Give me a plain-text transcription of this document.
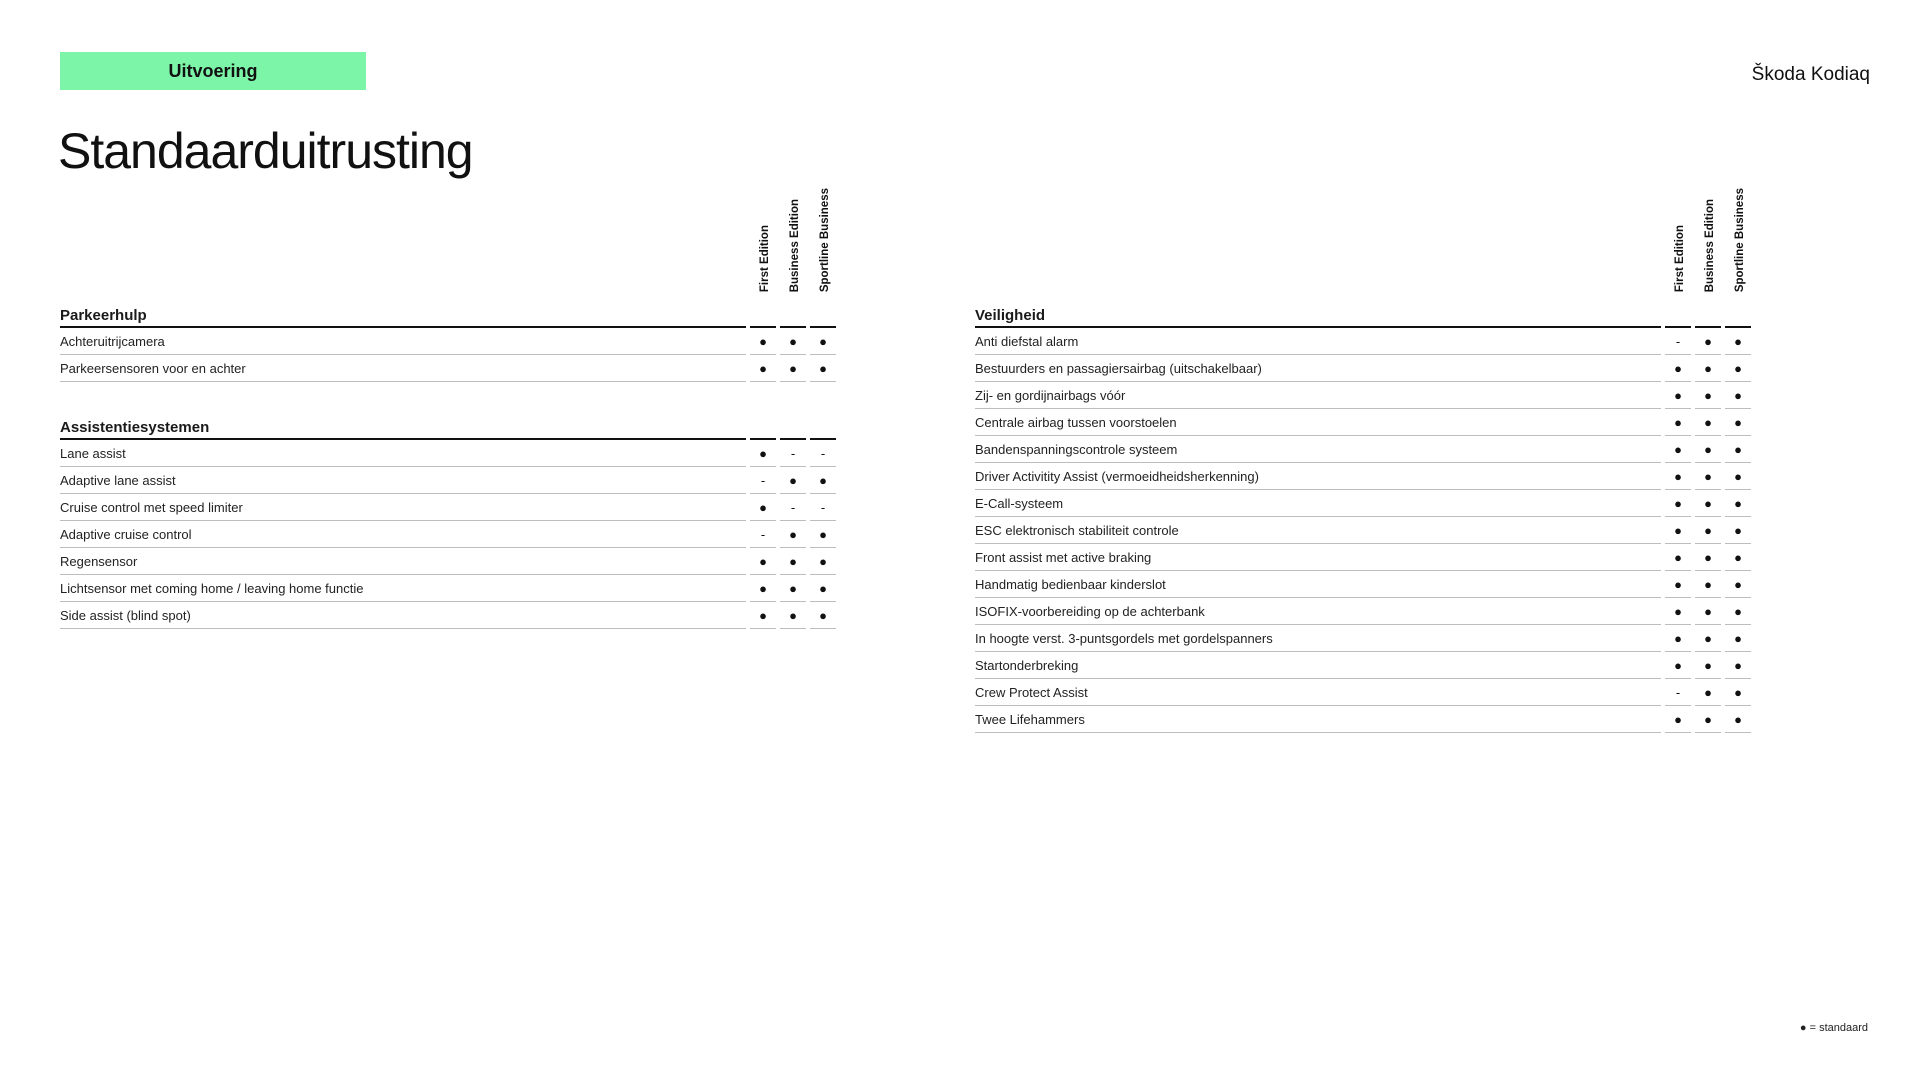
Uitvoering	Škoda Kodiaq
Standaarduitrusting
First Edition Business Edition Sportline Business
Parkeerhulp
Achteruitrijcamera	●	●	●
Parkeersensoren voor en achter	●	●	●
Assistentiesystemen
Lane assist	●	-	-
Adaptive lane assist	-	●	●
Cruise control met speed limiter	●	-	-
Adaptive cruise control	-	●	●
Regensensor	●	●	●
Lichtsensor met coming home / leaving home functie	●	●	●
Side assist (blind spot)	●	●	●
First Edition Business Edition Sportline Business
Veiligheid
Anti diefstal alarm	-	●	●
Bestuurders en passagiersairbag (uitschakelbaar)	●	●	●
Zij- en gordijnairbags vóór	●	●	●
Centrale airbag tussen voorstoelen	●	●	●
Bandenspanningscontrole systeem	●	●	●
Driver Activitity Assist (vermoeidheidsherkenning)	●	●	●
E-Call-systeem	●	●	●
ESC elektronisch stabiliteit controle	●	●	●
Front assist met active braking	●	●	●
Handmatig bedienbaar kinderslot	●	●	●
ISOFIX-voorbereiding op de achterbank	●	●	●
In hoogte verst. 3-puntsgordels met gordelspanners	●	●	●
Startonderbreking	●	●	●
Crew Protect Assist	-	●	●
Twee Lifehammers	●	●	●
● = standaard
